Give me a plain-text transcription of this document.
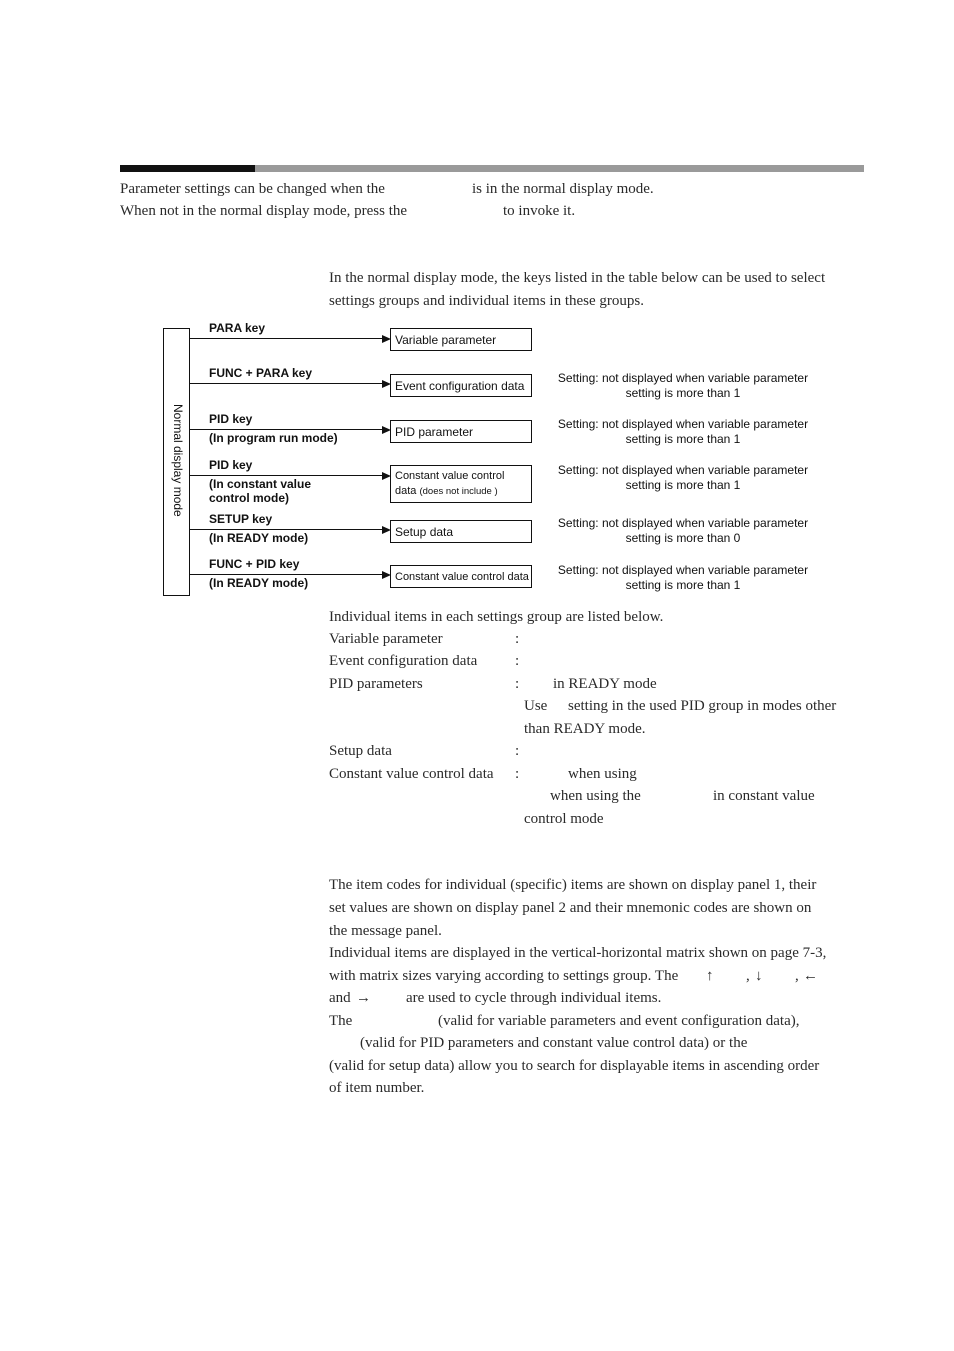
Parameter settings can be changed when the	is in the normal display mode.
When not in the normal display mode, press the	to invoke it.
In the normal display mode, the keys listed in the table below can be used to select
settings groups and individual items in these groups.
Normal display mode
PARA key
Variable parameter
FUNC + PARA key
Event configuration data
Setting: not displayed when variable parameter
setting is more than 1
PID key
(In program run mode)	PID parameter
Setting: not displayed when variable parameter
setting is more than 1
PID key
(In constant value
control mode)
Constant value control
data (does not include )
Setting: not displayed when variable parameter
setting is more than 1
SETUP key
(In READY mode)	Setup data
Setting: not displayed when variable parameter
setting is more than 0
FUNC + PID key
(In READY mode)	Constant value control data	Setting: not displayed when variable parameter
setting is more than 1
Individual items in each settings group are listed below.
Variable parameter	:
Event configuration data	:
PID parameters	: in READY mode
Use setting in the used PID group in modes other
than READY mode.
Setup data	:
Constant value control data :	when using
when using the	in constant value
control mode
The item codes for individual (specific) items are shown on display panel 1, their
set values are shown on display panel 2 and their mnemonic codes are shown on
the message panel.
Individual items are displayed in the vertical-horizontal matrix shown on page 7-3,
with matrix sizes varying according to settings group. The ↑ , ↓ , ←
and → are used to cycle through individual items.
The	(valid for variable parameters and event configuration data),
(valid for PID parameters and constant value control data) or the
(valid for setup data) allow you to search for displayable items in ascending order
of item number.
